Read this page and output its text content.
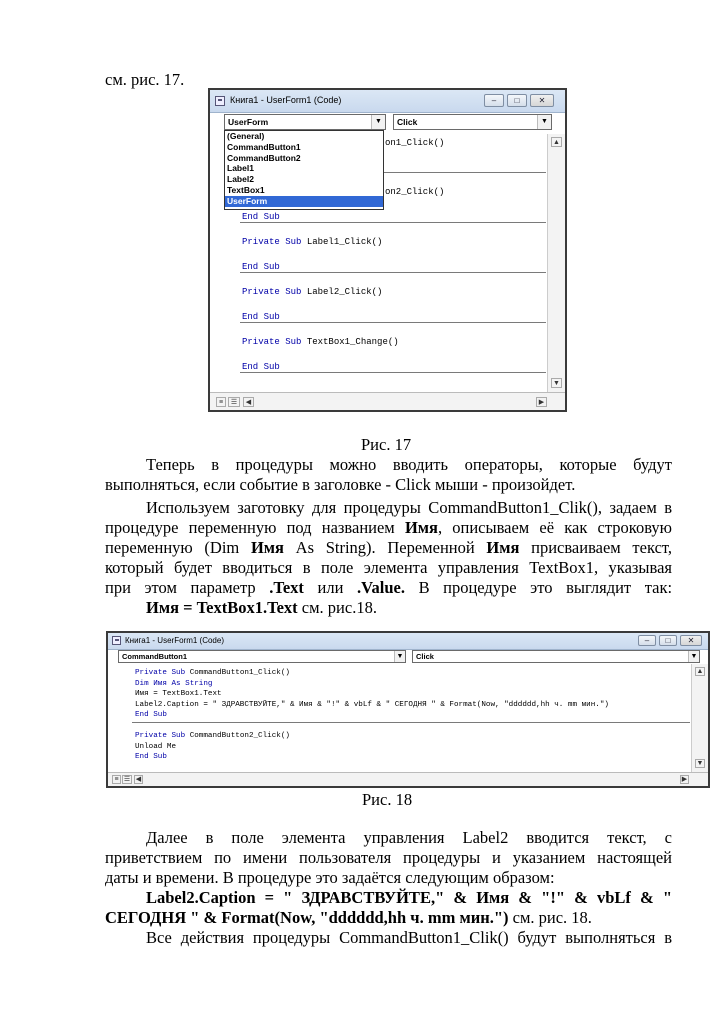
см. рис. 17.
Книга1 - UserForm1 (Code)	–	□	✕
UserForm	▼	Click	▼
(General)
CommandButton1
CommandButton2
Label1
Label2
TextBox1
UserForm
on1_Click()
on2_Click()
End Sub
Private Sub Label1_Click()
End Sub
Private Sub Label2_Click()
End Sub
Private Sub TextBox1_Change()
End Sub
▲
▼
≡	☰	◀	▶
Рис. 17
Теперь в процедуры можно вводить операторы, которые будут
выполняться, если событие в заголовке - Click мыши - произойдет.
Используем заготовку для процедуры CommandButton1_Clik(), задаем в
процедуре переменную под названием Имя, описываем её как строковую
переменную (Dim Имя As String). Переменной Имя присваиваем текст,
который будет вводиться в поле элемента управления TextBox1, указывая
при этом параметр .Text или .Value. В процедуре это выглядит так:
Имя = TextBox1.Text см. рис.18.
Книга1 - UserForm1 (Code)	–	□	✕
CommandButton1	▼	Click	▼
Private Sub CommandButton1_Click()
Dim Имя As String
Имя = TextBox1.Text
Label2.Caption = " ЗДРАВСТВУЙТЕ," & Имя & "!" & vbLf & " СЕГОДНЯ " & Format(Now, "dddddd,hh ч. mm мин.")
End Sub
Private Sub CommandButton2_Click()
Unload Me
End Sub
▲
▼
≡ ☰ ◀	▶
Рис. 18
Далее в поле элемента управления Label2 вводится текст, с
приветствием по имени пользователя процедуры и указанием настоящей
даты и времени. В процедуре это задаётся следующим образом:
Label2.Caption = " ЗДРАВСТВУЙТЕ," & Имя & "!" & vbLf & "
СЕГОДНЯ " & Format(Now, "dddddd,hh ч. mm мин.") см. рис. 18.
Все действия процедуры CommandButton1_Clik() будут выполняться в
